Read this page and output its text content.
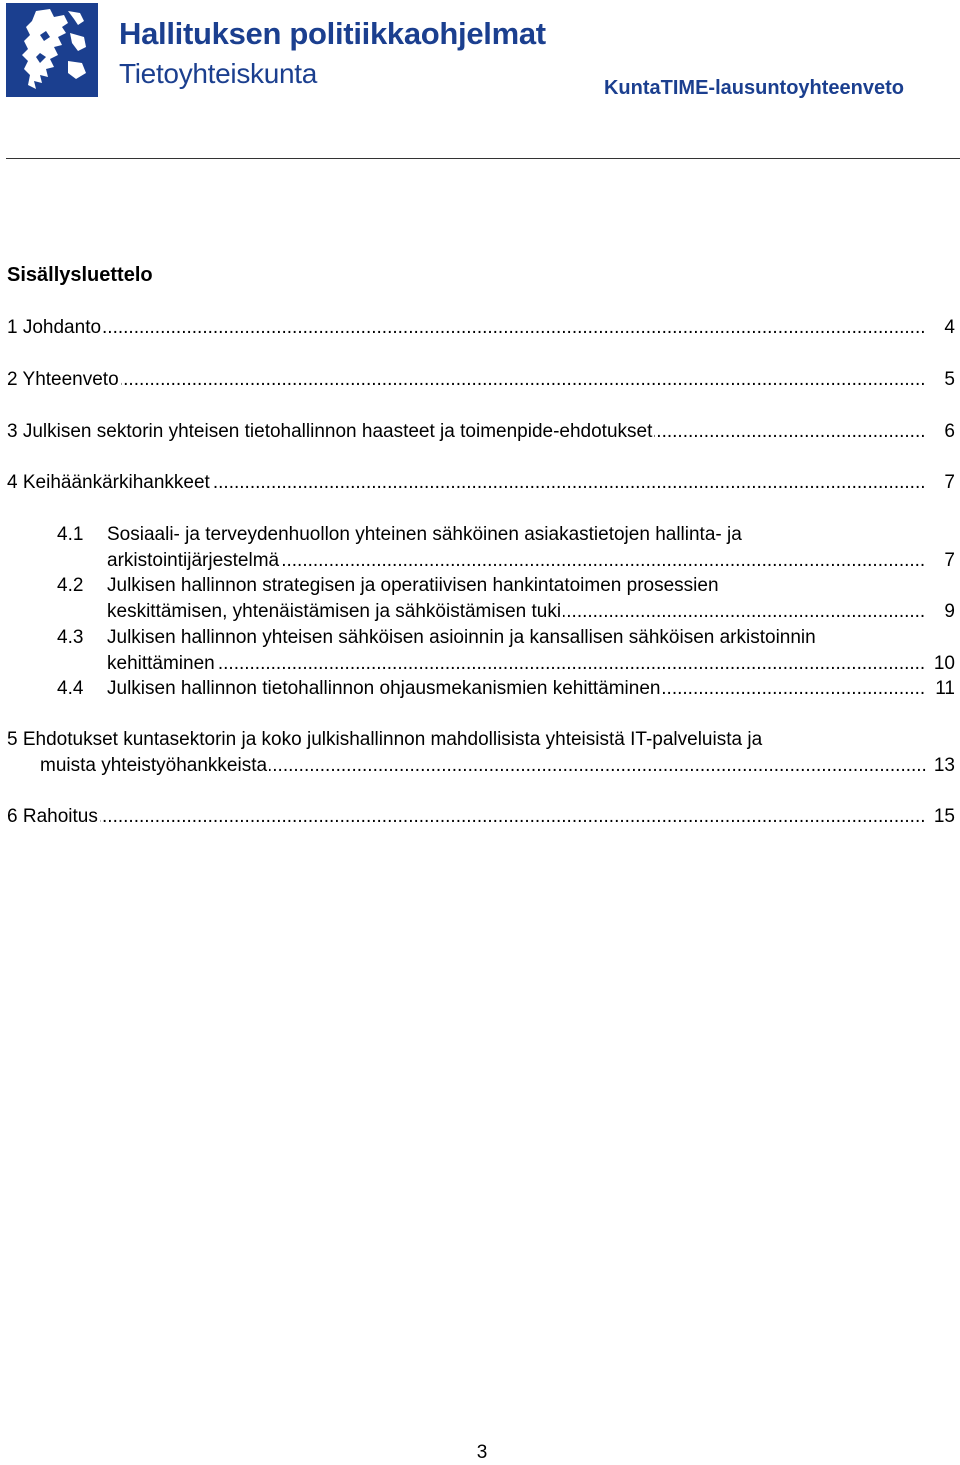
Hallituksen politiikkaohjelmat
Tietoyhteiskunta	KuntaTIME-lausuntoyhteenveto
Sisällysluettelo
.....
1 Johdanto	4
.....
2 Yhteenveto	5
.....
3 Julkisen sektorin yhteisen tietohallinnon haasteet ja toimenpide-ehdotukset	6
.....
4 Keihäänkärkihankkeet	7
4.1 Sosiaali- ja terveydenhuollon yhteinen sähköinen asiakastietojen hallinta- ja
.....
arkistointijärjestelmä	7
4.2 Julkisen hallinnon strategisen ja operatiivisen hankintatoimen prosessien
.....
keskittämisen, yhtenäistämisen ja sähköistämisen tuki	9
4.3 Julkisen hallinnon yhteisen sähköisen asioinnin ja kansallisen sähköisen arkistoinnin
.....
kehittäminen	10
4.4 ..... Julkisen hallinnon tietohallinnon ohjausmekanismien kehittäminen	11
5 Ehdotukset kuntasektorin ja koko julkishallinnon mahdollisista yhteisistä IT-palveluista ja
.....
muista yhteistyöhankkeista	13
.....
6 Rahoitus	15
3
